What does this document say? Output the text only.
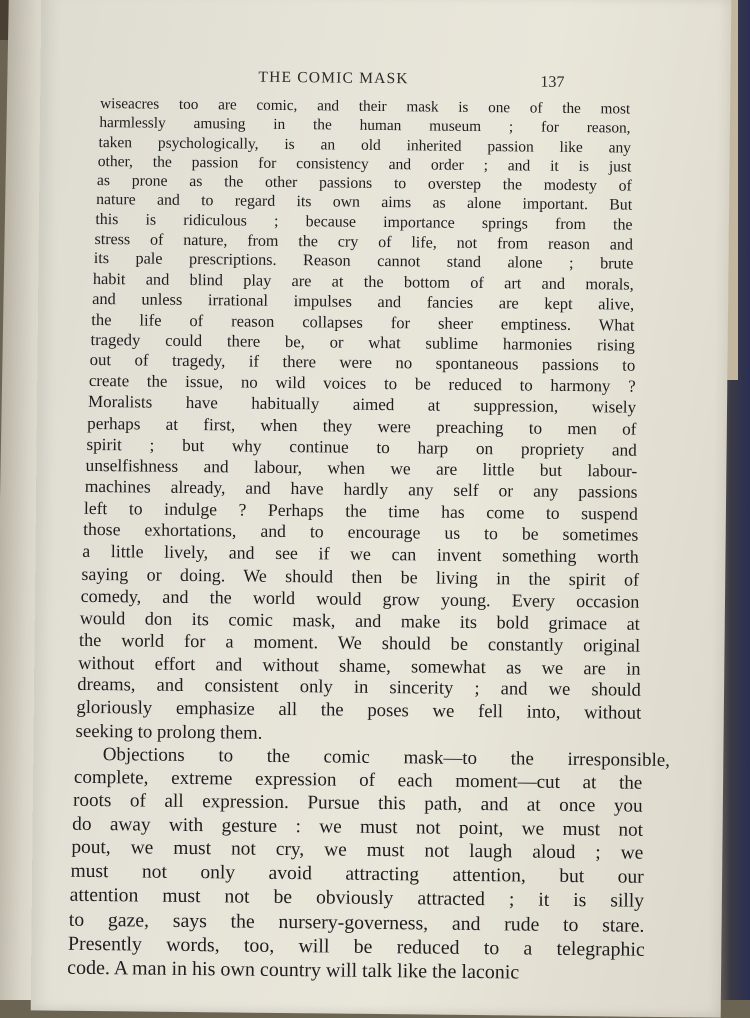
THE COMIC MASK	137
wiseacres too are comic, and their mask is one of the most
harmlessly amusing in the human museum ; for reason,
taken psychologically, is an old inherited passion like any
other, the passion for consistency and order ; and it is just
as prone as the other passions to overstep the modesty of
nature and to regard its own aims as alone important. But
this is ridiculous ; because importance springs from the
stress of nature, from the cry of life, not from reason and
its pale prescriptions. Reason cannot stand alone ; brute
habit and blind play are at the bottom of art and morals,
and unless irrational impulses and fancies are kept alive,
the life of reason collapses for sheer emptiness. What
tragedy could there be, or what sublime harmonies rising
out of tragedy, if there were no spontaneous passions to
create the issue, no wild voices to be reduced to harmony ?
Moralists have habitually aimed at suppression, wisely
perhaps at first, when they were preaching to men of
spirit ; but why continue to harp on propriety and
unselfishness and labour, when we are little but labour-
machines already, and have hardly any self or any passions
left to indulge ? Perhaps the time has come to suspend
those exhortations, and to encourage us to be sometimes
a little lively, and see if we can invent something worth
saying or doing. We should then be living in the spirit of
comedy, and the world would grow young. Every occasion
would don its comic mask, and make its bold grimace at
the world for a moment. We should be constantly original
without effort and without shame, somewhat as we are in
dreams, and consistent only in sincerity ; and we should
gloriously emphasize all the poses we fell into, without
seeking to prolong them.
Objections to the comic mask—to the irresponsible,
complete, extreme expression of each moment—cut at the
roots of all expression. Pursue this path, and at once you
do away with gesture : we must not point, we must not
pout, we must not cry, we must not laugh aloud ; we
must not only avoid attracting attention, but our
attention must not be obviously attracted ; it is silly
to gaze, says the nursery-governess, and rude to stare.
Presently words, too, will be reduced to a telegraphic
code. A man in his own country will talk like the laconic
